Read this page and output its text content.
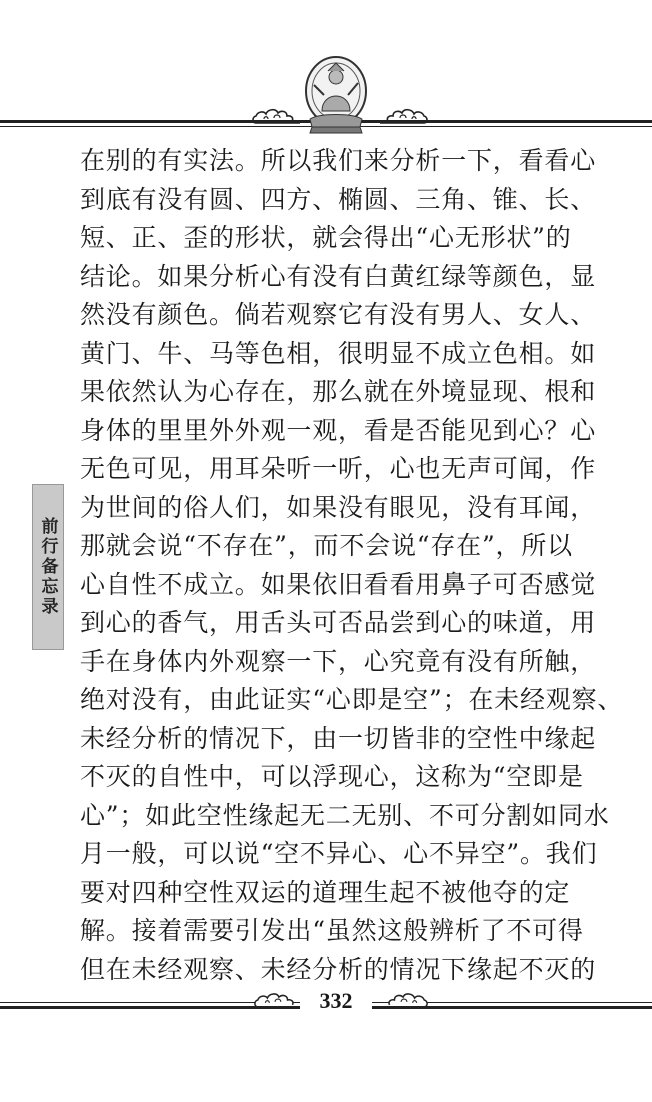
前行备忘录
在别的有实法。所以我们来分析一下，看看心
到底有没有圆、四方、椭圆、三角、锥、长、
短、正、歪的形状，就会得出“心无形状”的
结论。如果分析心有没有白黄红绿等颜色，显
然没有颜色。倘若观察它有没有男人、女人、
黄门、牛、马等色相，很明显不成立色相。如
果依然认为心存在，那么就在外境显现、根和
身体的里里外外观一观，看是否能见到心？心
无色可见，用耳朵听一听，心也无声可闻，作
为世间的俗人们，如果没有眼见，没有耳闻，
那就会说“不存在”，而不会说“存在”，所以
心自性不成立。如果依旧看看用鼻子可否感觉
到心的香气，用舌头可否品尝到心的味道，用
手在身体内外观察一下，心究竟有没有所触，
绝对没有，由此证实“心即是空”；在未经观察、
未经分析的情况下，由一切皆非的空性中缘起
不灭的自性中，可以浮现心，这称为“空即是
心”；如此空性缘起无二无别、不可分割如同水
月一般，可以说“空不异心、心不异空”。我们
要对四种空性双运的道理生起不被他夺的定
解。接着需要引发出“虽然这般辨析了不可得
但在未经观察、未经分析的情况下缘起不灭的
332
